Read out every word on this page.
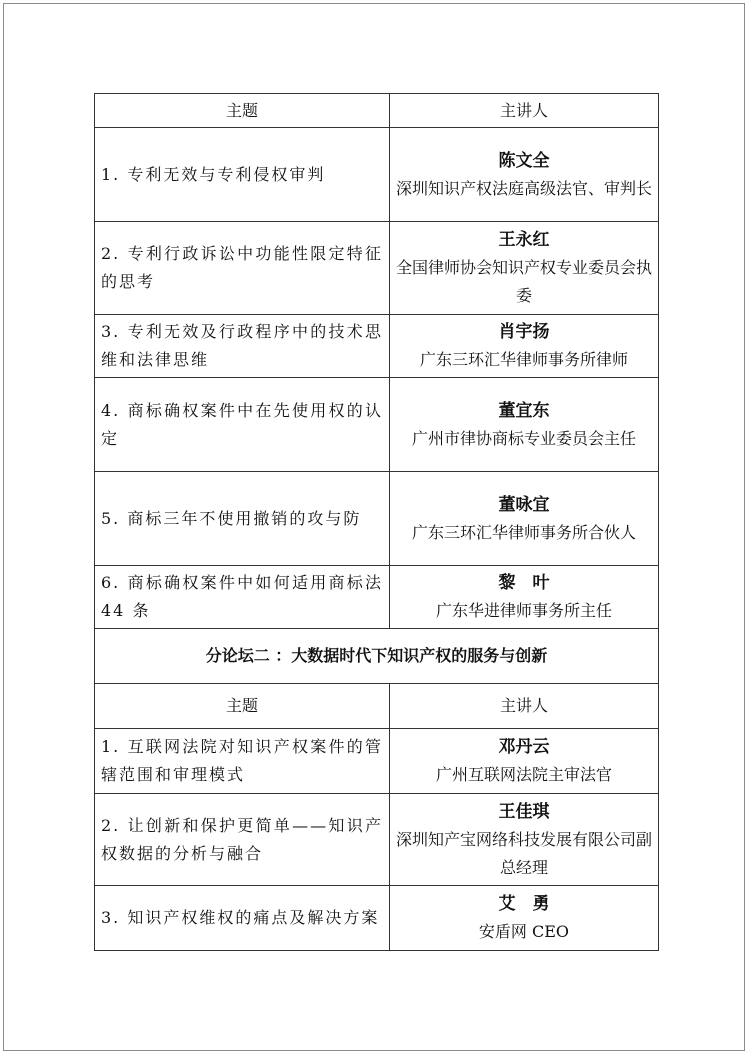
主题	主讲人
1. 专利无效与专利侵权审判	陈文全
深圳知识产权法庭高级法官、审判长

2. 专利行政诉讼中功能性限定特征的思考	王永红
全国律师协会知识产权专业委员会执委

3. 专利无效及行政程序中的技术思维和法律思维	肖宇扬
广东三环汇华律师事务所律师

4. 商标确权案件中在先使用权的认定	董宜东
广州市律协商标专业委员会主任

5. 商标三年不使用撤销的攻与防	董咏宜
广东三环汇华律师事务所合伙人

6. 商标确权案件中如何适用商标法 44 条	黎　叶
广东华进律师事务所主任

分论坛二 ：大数据时代下知识产权的服务与创新	
主题	主讲人
1. 互联网法院对知识产权案件的管辖范围和审理模式	邓丹云
广州互联网法院主审法官

2. 让创新和保护更简单——知识产权数据的分析与融合	王佳琪
深圳知产宝网络科技发展有限公司副总经理

3. 知识产权维权的痛点及解决方案	艾　勇
安盾网 CEO
